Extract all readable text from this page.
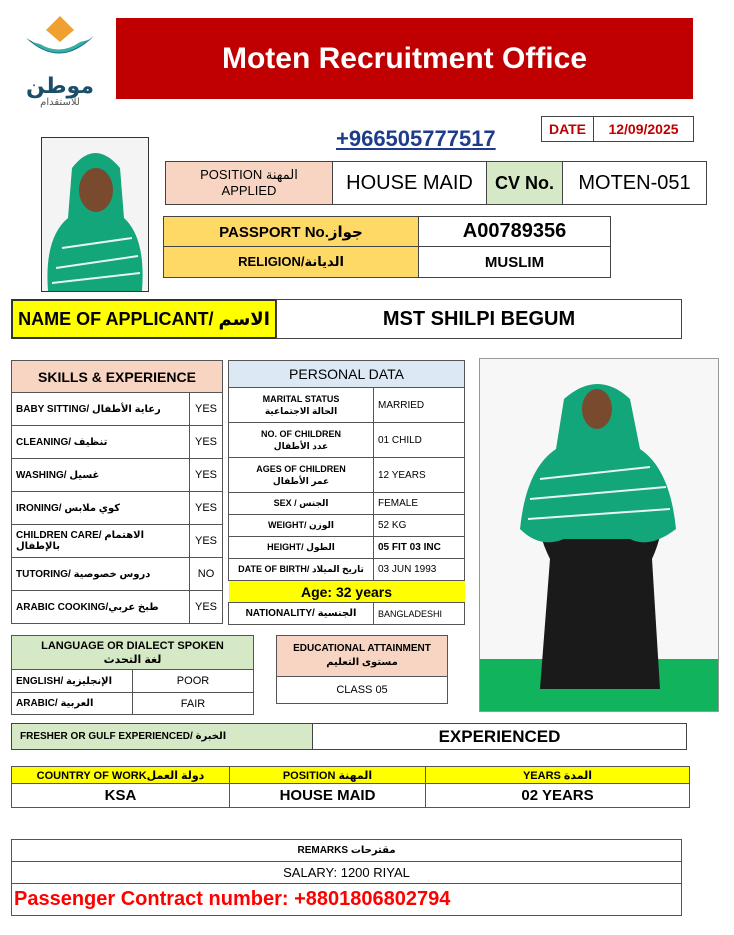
موطن
للاستقدام
Moten Recruitment Office
+966505777517	DATE	12/09/2025
POSITION المهنة
APPLIED	HOUSE MAID	CV No.	MOTEN-051
PASSPORT No.جواز	A00789356
RELIGION/الديانة	MUSLIM
NAME OF APPLICANT/ الاسم	MST SHILPI BEGUM
SKILLS & EXPERIENCE	
BABY SITTING/ رعاية الأطفال	YES
CLEANING/ تنظيف	YES
WASHING/ غسيل	YES
IRONING/ كوي ملابس	YES
CHILDREN CARE/ الاهتمام بالإطفال	YES
TUTORING/ دروس خصوصية	NO
ARABIC COOKING/طبخ عربي	YES
PERSONAL DATA	

MARITAL STATUS
الحالة الاجتماعية	MARRIED

NO. OF CHILDREN
عدد الأطفال	01 CHILD

AGES OF CHILDREN
عمر الأطفال	12 YEARS
SEX / الجنس	FEMALE
WEIGHT/ الوزن	52 KG
HEIGHT/ الطول	05 FIT 03 INC
DATE OF BIRTH/ تاريخ الميلاد	03 JUN 1993
Age: 32 years	
NATIONALITY/ الجنسية	BANGLADESHI
LANGUAGE OR DIALECT SPOKEN
لغة التحدث	

ENGLISH/ الإنجليزية	POOR
ARABIC/ العربية	FAIR
EDUCATIONAL ATTAINMENT
مستوى التعليم

CLASS 05
FRESHER OR GULF EXPERIENCED/ الخبرة	EXPERIENCED
COUNTRY OF WORKدولة العمل	POSITION المهنة	YEARS المدة
KSA	HOUSE MAID	02 YEARS
REMARKS مقترحات
SALARY: 1200 RIYAL
Passenger Contract number: +8801806802794
